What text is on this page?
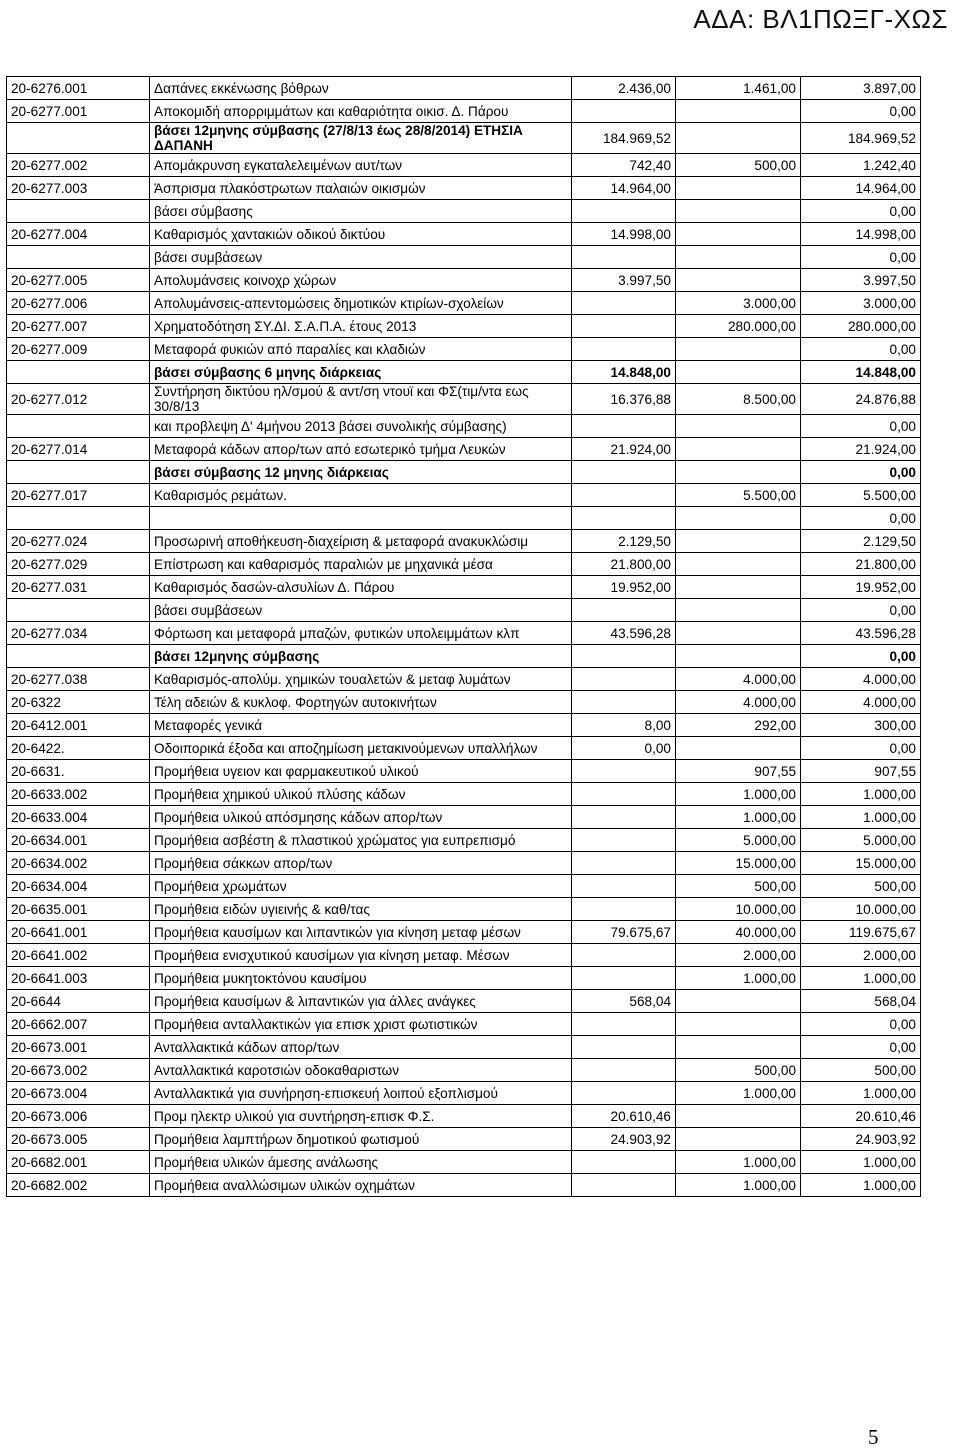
ΑΔΑ: ΒΛ1ΠΩΞΓ-ΧΩΣ
20-6276.001	Δαπάνες εκκένωσης βόθρων	2.436,00	1.461,00	3.897,00
20-6277.001	Αποκομιδή απορριμμάτων και καθαριότητα οικισ. Δ. Πάρου			0,00
	βάσει 12μηνης σύμβασης (27/8/13 έως 28/8/2014) ΕΤΗΣΙΑ ΔΑΠΑΝΗ	184.969,52		184.969,52
20-6277.002	Απομάκρυνση εγκαταλελειμένων αυτ/των	742,40	500,00	1.242,40
20-6277.003	Άσπρισμα πλακόστρωτων παλαιών οικισμών	14.964,00		14.964,00
	βάσει σύμβασης			0,00
20-6277.004	Καθαρισμός χαντακιών οδικού δικτύου	14.998,00		14.998,00
	βάσει συμβάσεων			0,00
20-6277.005	Απολυμάνσεις κοινοχρ χώρων	3.997,50		3.997,50
20-6277.006	Απολυμάνσεις-απεντομώσεις δημοτικών κτιρίων-σχολείων		3.000,00	3.000,00
20-6277.007	Χρηματοδότηση ΣΥ.ΔΙ. Σ.Α.Π.Α. έτους 2013		280.000,00	280.000,00
20-6277.009	Μεταφορά φυκιών από παραλίες και κλαδιών			0,00
	βάσει σύμβασης 6 μηνης διάρκειας	14.848,00		14.848,00
20-6277.012	Συντήρηση δικτύου ηλ/σμού & αντ/ση ντουϊ και ΦΣ(τιμ/ντα εως 30/8/13	16.376,88	8.500,00	24.876,88
	και προβλεψη Δ' 4μήνου 2013 βάσει συνολικής σύμβασης)			0,00
20-6277.014	Μεταφορά κάδων απορ/των από εσωτερικό τμήμα Λευκών	21.924,00		21.924,00
	βάσει σύμβασης 12 μηνης διάρκειας			0,00
20-6277.017	Καθαρισμός ρεμάτων.		5.500,00	5.500,00
				0,00
20-6277.024	Προσωρινή αποθήκευση-διαχείριση & μεταφορά ανακυκλώσιμ	2.129,50		2.129,50
20-6277.029	Επίστρωση και καθαρισμός παραλιών με μηχανικά μέσα	21.800,00		21.800,00
20-6277.031	Καθαρισμός δασών-αλσυλίων Δ. Πάρου	19.952,00		19.952,00
	βάσει συμβάσεων			0,00
20-6277.034	Φόρτωση και μεταφορά μπαζών, φυτικών υπολειμμάτων κλπ	43.596,28		43.596,28
	βάσει 12μηνης σύμβασης			0,00
20-6277.038	Καθαρισμός-απολύμ. χημικών τουαλετών & μεταφ λυμάτων		4.000,00	4.000,00
20-6322	Τέλη αδειών & κυκλοφ. Φορτηγών αυτοκινήτων		4.000,00	4.000,00
20-6412.001	Μεταφορές γενικά	8,00	292,00	300,00
20-6422.	Οδοιπορικά έξοδα και αποζημίωση μετακινούμενων υπαλλήλων	0,00		0,00
20-6631.	Προμήθεια υγειον και φαρμακευτικού υλικού		907,55	907,55
20-6633.002	Προμήθεια χημικού υλικού πλύσης κάδων		1.000,00	1.000,00
20-6633.004	Προμήθεια υλικού απόσμησης κάδων απορ/των		1.000,00	1.000,00
20-6634.001	Προμήθεια ασβέστη & πλαστικού χρώματος για ευπρεπισμό		5.000,00	5.000,00
20-6634.002	Προμήθεια σάκκων απορ/των		15.000,00	15.000,00
20-6634.004	Προμήθεια χρωμάτων		500,00	500,00
20-6635.001	Προμήθεια ειδών υγιεινής & καθ/τας		10.000,00	10.000,00
20-6641.001	Προμήθεια καυσίμων και λιπαντικών για κίνηση μεταφ μέσων	79.675,67	40.000,00	119.675,67
20-6641.002	Προμήθεια ενισχυτικού καυσίμων για κίνηση μεταφ. Μέσων		2.000,00	2.000,00
20-6641.003	Προμήθεια μυκητοκτόνου καυσίμου		1.000,00	1.000,00
20-6644	Προμήθεια καυσίμων & λιπαντικών για άλλες ανάγκες	568,04		568,04
20-6662.007	Προμήθεια ανταλλακτικών για επισκ χριστ φωτιστικών			0,00
20-6673.001	Ανταλλακτικά κάδων απορ/των			0,00
20-6673.002	Ανταλλακτικά καροτσιών οδοκαθαριστων		500,00	500,00
20-6673.004	Ανταλλακτικά για συνήρηση-επισκευή λοιπού εξοπλισμού		1.000,00	1.000,00
20-6673.006	Προμ ηλεκτρ υλικού για συντήρηση-επισκ Φ.Σ.	20.610,46		20.610,46
20-6673.005	Προμήθεια λαμπτήρων δημοτικού φωτισμού	24.903,92		24.903,92
20-6682.001	Προμήθεια υλικών άμεσης ανάλωσης		1.000,00	1.000,00
20-6682.002	Προμήθεια αναλλώσιμων υλικών οχημάτων		1.000,00	1.000,00
5
